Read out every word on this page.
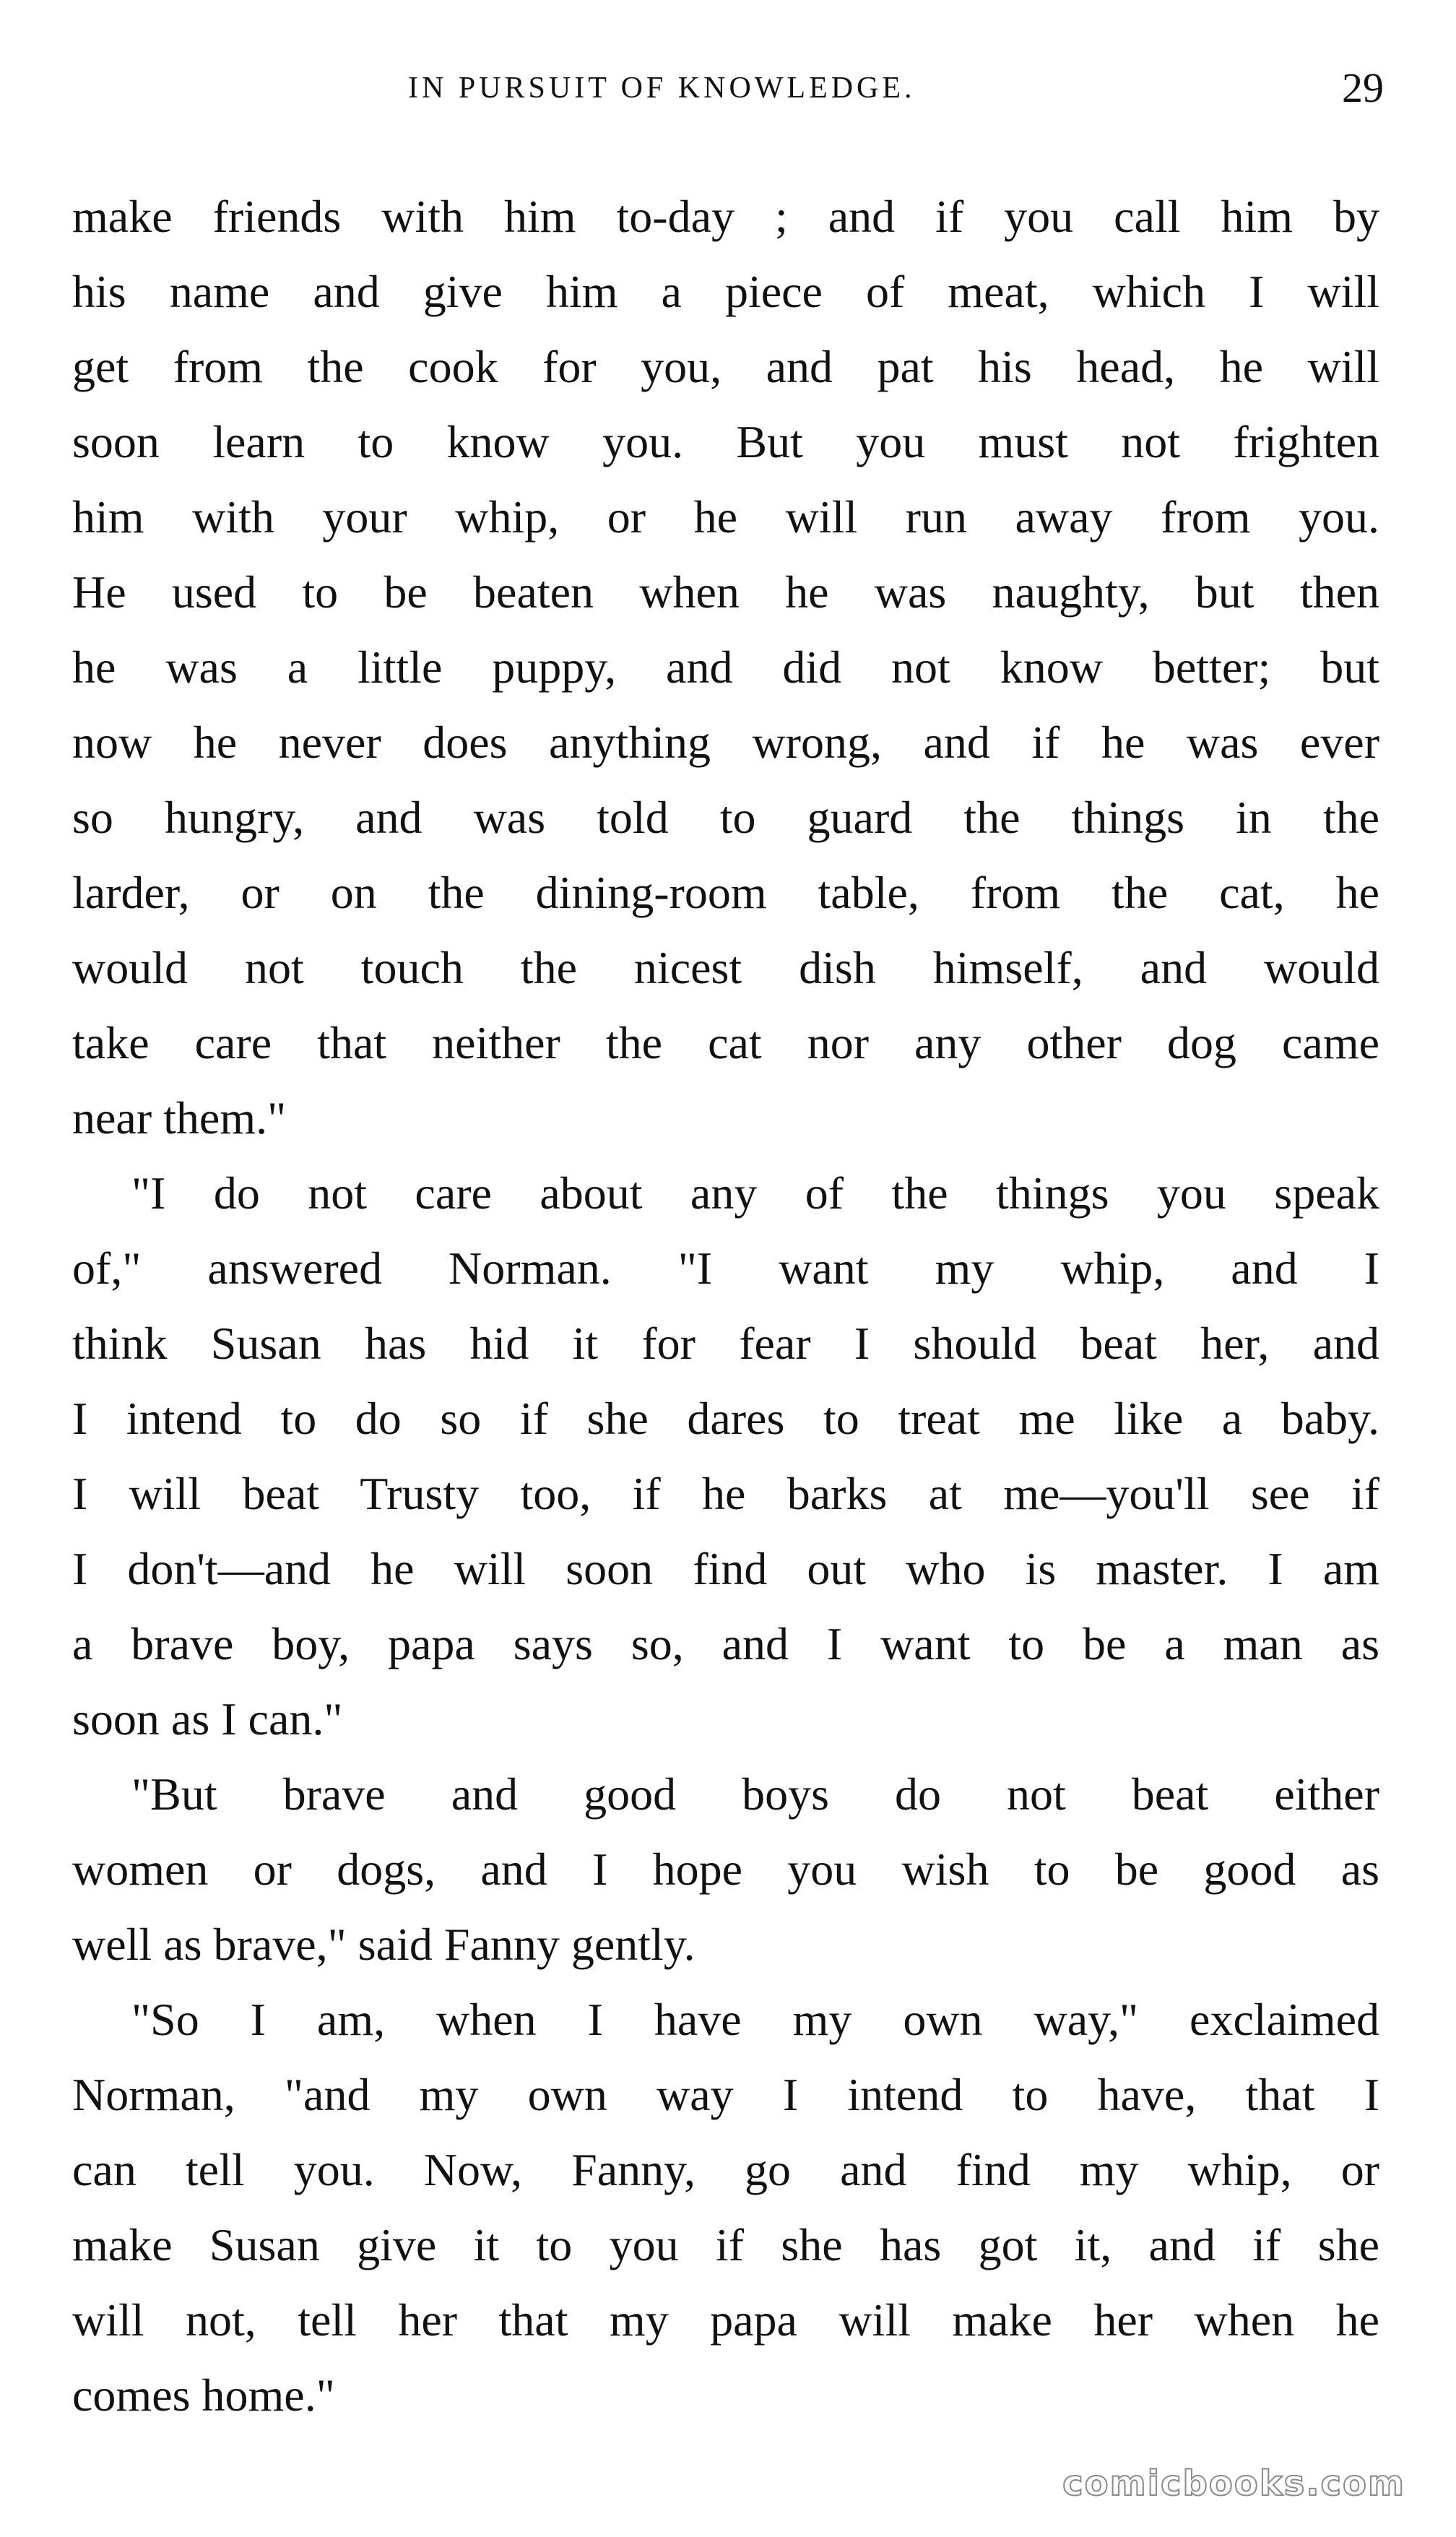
IN PURSUIT OF KNOWLEDGE.	29
make friends with him to-day ; and if you call him by
his name and give him a piece of meat, which I will
get from the cook for you, and pat his head, he will
soon learn to know you. But you must not frighten
him with your whip, or he will run away from you.
He used to be beaten when he was naughty, but then
he was a little puppy, and did not know better; but
now he never does anything wrong, and if he was ever
so hungry, and was told to guard the things in the
larder, or on the dining-room table, from the cat, he
would not touch the nicest dish himself, and would
take care that neither the cat nor any other dog came
near them."
"I do not care about any of the things you speak
of," answered Norman. "I want my whip, and I
think Susan has hid it for fear I should beat her, and
I intend to do so if she dares to treat me like a baby.
I will beat Trusty too, if he barks at me—you'll see if
I don't—and he will soon find out who is master. I am
a brave boy, papa says so, and I want to be a man as
soon as I can."
"But brave and good boys do not beat either
women or dogs, and I hope you wish to be good as
well as brave," said Fanny gently.
"So I am, when I have my own way," exclaimed
Norman, "and my own way I intend to have, that I
can tell you. Now, Fanny, go and find my whip, or
make Susan give it to you if she has got it, and if she
will not, tell her that my papa will make her when he
comes home."
comicbooks.com
